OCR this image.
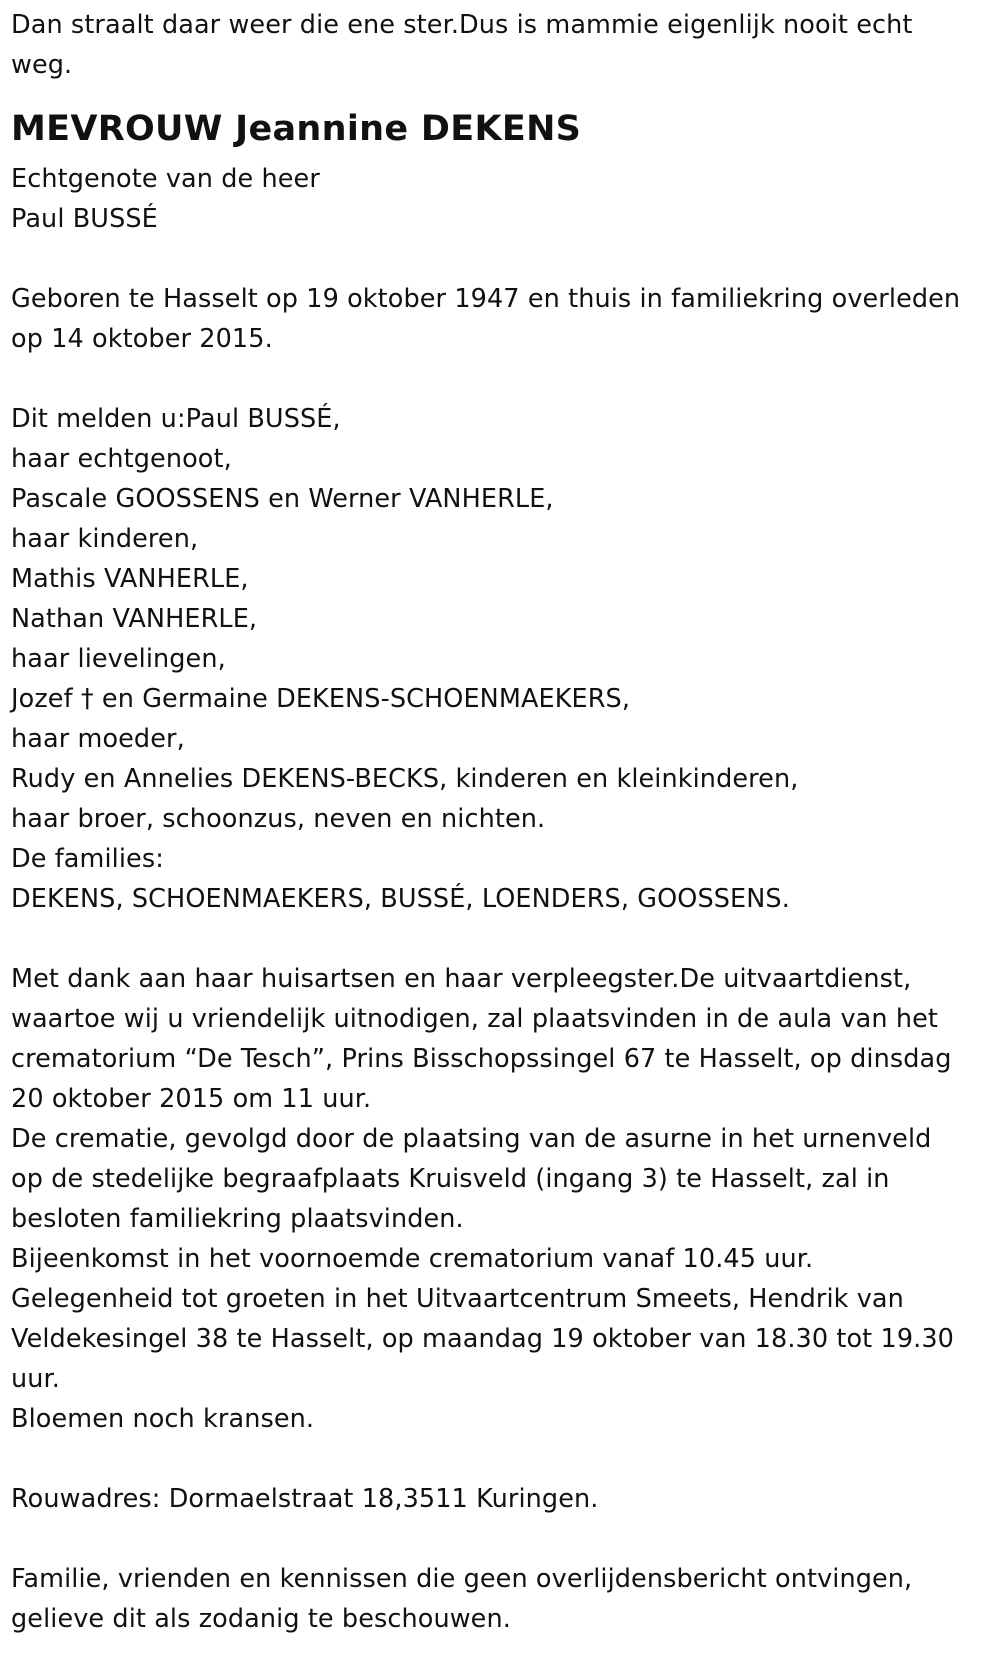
Dan straalt daar weer die ene ster.Dus is mammie eigenlijk nooit echt
weg.
MEVROUW Jeannine DEKENS
Echtgenote van de heer
Paul BUSSÉ
Geboren te Hasselt op 19 oktober 1947 en thuis in familiekring overleden
op 14 oktober 2015.
Dit melden u:Paul BUSSÉ,
haar echtgenoot,
Pascale GOOSSENS en Werner VANHERLE,
haar kinderen,
Mathis VANHERLE,
Nathan VANHERLE,
haar lievelingen,
Jozef † en Germaine DEKENS-SCHOENMAEKERS,
haar moeder,
Rudy en Annelies DEKENS-BECKS, kinderen en kleinkinderen,
haar broer, schoonzus, neven en nichten.
De families:
DEKENS, SCHOENMAEKERS, BUSSÉ, LOENDERS, GOOSSENS.
Met dank aan haar huisartsen en haar verpleegster.De uitvaartdienst,
waartoe wij u vriendelijk uitnodigen, zal plaatsvinden in de aula van het
crematorium “De Tesch”, Prins Bisschopssingel 67 te Hasselt, op dinsdag
20 oktober 2015 om 11 uur.
De crematie, gevolgd door de plaatsing van de asurne in het urnenveld
op de stedelijke begraafplaats Kruisveld (ingang 3) te Hasselt, zal in
besloten familiekring plaatsvinden.
Bijeenkomst in het voornoemde crematorium vanaf 10.45 uur.
Gelegenheid tot groeten in het Uitvaartcentrum Smeets, Hendrik van
Veldekesingel 38 te Hasselt, op maandag 19 oktober van 18.30 tot 19.30
uur.
Bloemen noch kransen.
Rouwadres: Dormaelstraat 18,3511 Kuringen.
Familie, vrienden en kennissen die geen overlijdensbericht ontvingen,
gelieve dit als zodanig te beschouwen.
